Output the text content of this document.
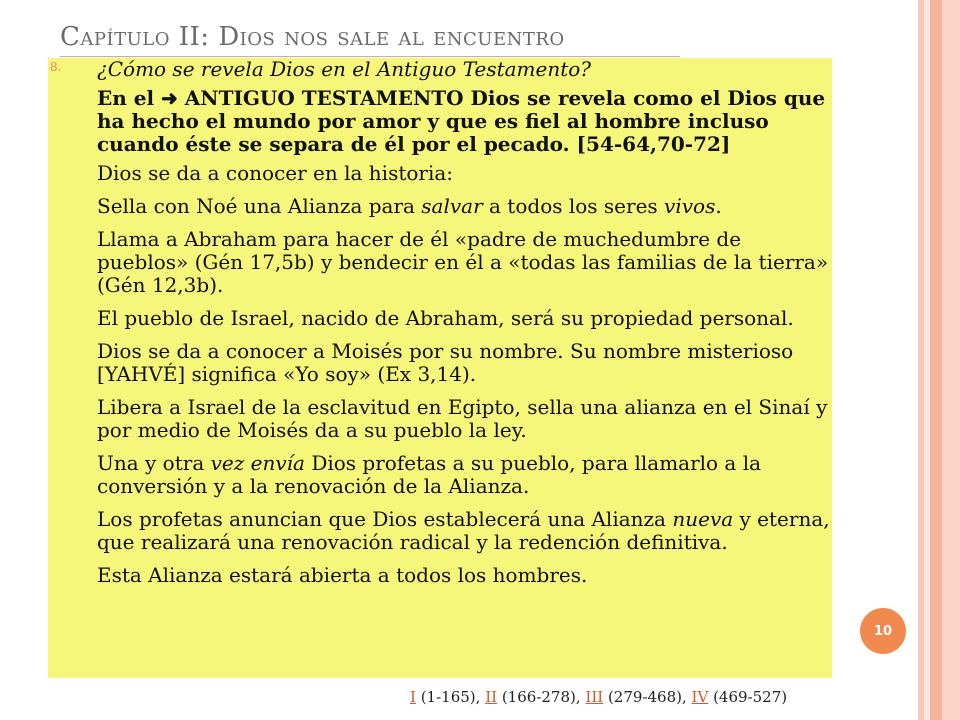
Capítulo II: Dios nos sale al encuentro
8. ¿Cómo se revela Dios en el Antiguo Testamento?

En el ➜ ANTIGUO TESTAMENTO Dios se revela como el Dios que ha hecho el mundo por amor y que es fiel al hombre incluso cuando éste se separa de él por el pecado. [54-64,70-72]

Dios se da a conocer en la historia:

Sella con Noé una Alianza para salvar a todos los seres vivos.

Llama a Abraham para hacer de él «padre de muchedumbre de pueblos» (Gén 17,5b) y bendecir en él a «todas las familias de la tierra» (Gén 12,3b).

El pueblo de Israel, nacido de Abraham, será su propiedad personal.

Dios se da a conocer a Moisés por su nombre. Su nombre misterioso [YAHVÉ] significa «Yo soy» (Ex 3,14).

Libera a Israel de la esclavitud en Egipto, sella una alianza en el Sinaí y por medio de Moisés da a su pueblo la ley.

Una y otra vez envía Dios profetas a su pueblo, para llamarlo a la conversión y a la renovación de la Alianza.

Los profetas anuncian que Dios establecerá una Alianza nueva y eterna, que realizará una renovación radical y la redención definitiva.

Esta Alianza estará abierta a todos los hombres.

10
I (1-165), II (166-278), III (279-468), IV (469-527)
